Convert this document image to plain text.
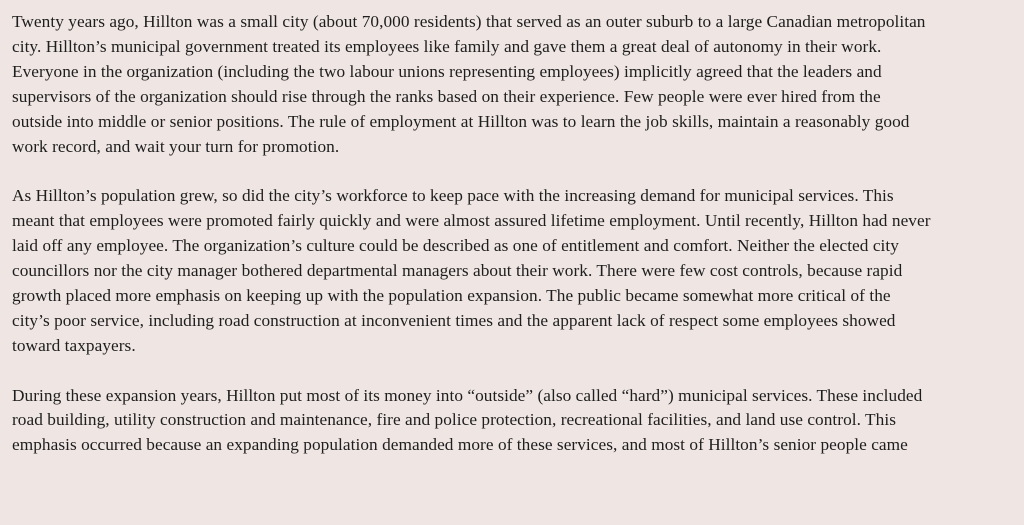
Twenty years ago, Hillton was a small city (about 70,000 residents) that served as an outer suburb to a large Canadian metropolitan
city. Hillton’s municipal government treated its employees like family and gave them a great deal of autonomy in their work.
Everyone in the organization (including the two labour unions representing employees) implicitly agreed that the leaders and
supervisors of the organization should rise through the ranks based on their experience. Few people were ever hired from the
outside into middle or senior positions. The rule of employment at Hillton was to learn the job skills, maintain a reasonably good
work record, and wait your turn for promotion.
As Hillton’s population grew, so did the city’s workforce to keep pace with the increasing demand for municipal services. This
meant that employees were promoted fairly quickly and were almost assured lifetime employment. Until recently, Hillton had never
laid off any employee. The organization’s culture could be described as one of entitlement and comfort. Neither the elected city
councillors nor the city manager bothered departmental managers about their work. There were few cost controls, because rapid
growth placed more emphasis on keeping up with the population expansion. The public became somewhat more critical of the
city’s poor service, including road construction at inconvenient times and the apparent lack of respect some employees showed
toward taxpayers.
During these expansion years, Hillton put most of its money into “outside” (also called “hard”) municipal services. These included
road building, utility construction and maintenance, fire and police protection, recreational facilities, and land use control. This
emphasis occurred because an expanding population demanded more of these services, and most of Hillton’s senior people came
